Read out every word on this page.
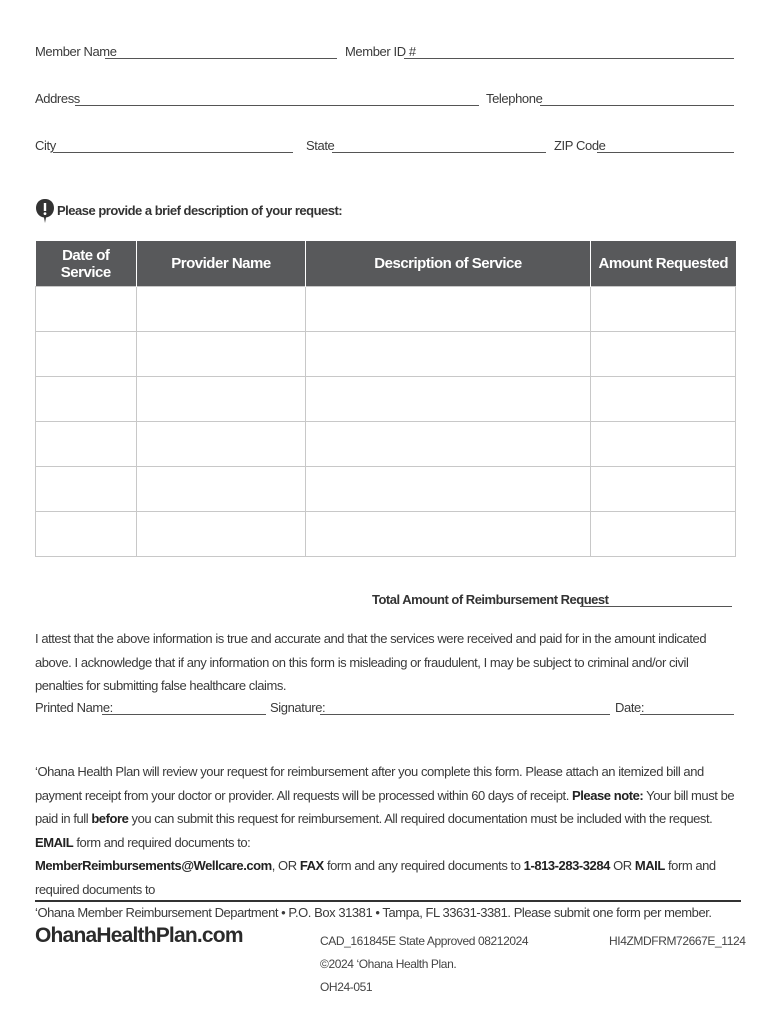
Member Name	Member ID #
Address	Telephone
City	State	ZIP Code
Please provide a brief description of your request:
Date of Service	Provider Name	Description of Service	Amount Requested

Total Amount of Reimbursement Request
I attest that the above information is true and accurate and that the services were received and paid for in the amount indicated above. I acknowledge that if any information on this form is misleading or fraudulent, I may be subject to criminal and/or civil penalties for submitting false healthcare claims.
Printed Name:	Signature:	Date:
‘Ohana Health Plan will review your request for reimbursement after you complete this form. Please attach an itemized bill and payment receipt from your doctor or provider. All requests will be processed within 60 days of receipt. Please note: Your bill must be paid in full before you can submit this request for reimbursement. All required documentation must be included with the request. EMAIL form and required documents to:
MemberReimbursements@Wellcare.com, OR FAX form and any required documents to 1-813-283-3284 OR MAIL form and required documents to
‘Ohana Member Reimbursement Department • P.O. Box 31381 • Tampa, FL 33631-3381. Please submit one form per member.
OhanaHealthPlan.com	CAD_161845E State Approved 08212024
©2024 ‘Ohana Health Plan.
OH24-051
HI4ZMDFRM72667E_1124
